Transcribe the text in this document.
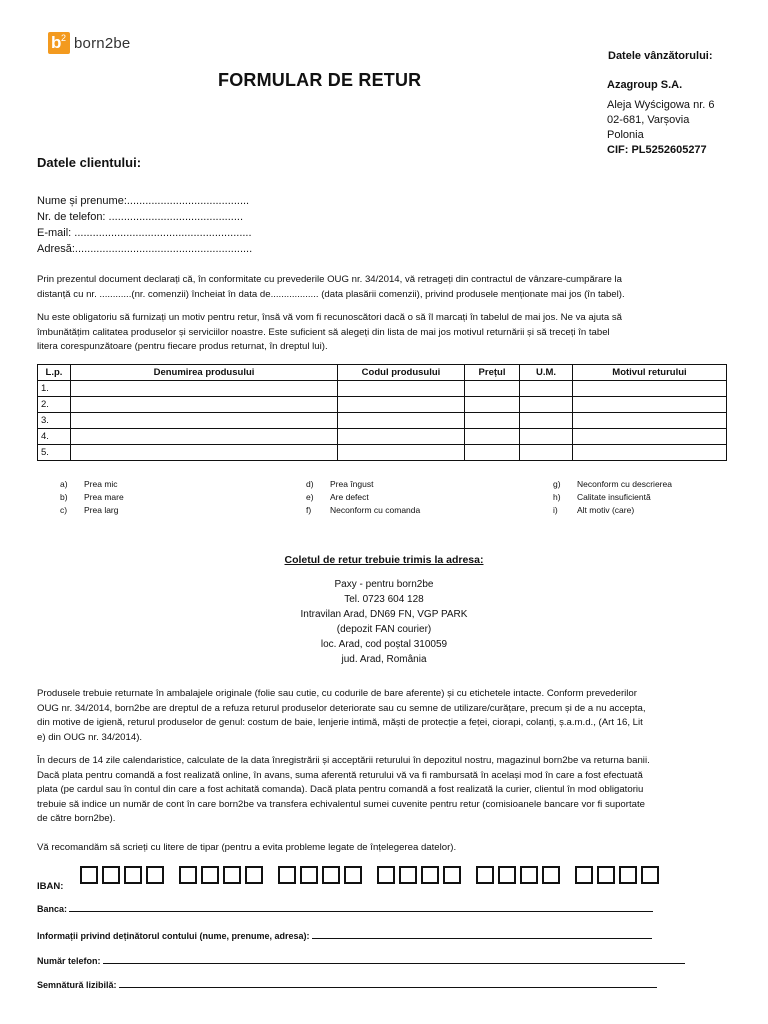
b 2 born2be
FORMULAR DE RETUR
Datele vânzătorului:
Azagroup S.A.
Aleja Wyścigowa nr. 6
02-681, Varșovia
Polonia
CIF: PL5252605277
Datele clientului:
Nume și prenume:........................................
Nr. de telefon: ............................................
E-mail: ..........................................................
Adresă:..........................................................
Prin prezentul document declarați că, în conformitate cu prevederile OUG nr. 34/2014, vă retrageți din contractul de vânzare-cumpărare la
distanță cu nr. ............(nr. comenzii) încheiat în data de.................. (data plasării comenzii), privind produsele menționate mai jos (în tabel).
Nu este obligatoriu să furnizați un motiv pentru retur, însă vă vom fi recunoscători dacă o să îl marcați în tabelul de mai jos. Ne va ajuta să
îmbunătățim calitatea produselor și serviciilor noastre. Este suficient să alegeți din lista de mai jos motivul returnării și să treceți în tabel
litera corespunzătoare (pentru fiecare produs returnat, în dreptul lui).
L.p.	Denumirea produsului	Codul produsului	Prețul	U.M.	Motivul returului
1.					
2.					
3.					
4.					
5.					
a)	Prea mic
b)	Prea mare
c)	Prea larg
d)	Prea îngust
e)	Are defect
f)	Neconform cu comanda
g)	Neconform cu descrierea
h)	Calitate insuficientă
i)	Alt motiv (care)
Coletul de retur trebuie trimis la adresa:
Paxy - pentru born2be
Tel. 0723 604 128
Intravilan Arad, DN69 FN, VGP PARK
(depozit FAN courier)
loc. Arad, cod poștal 310059
jud. Arad, România
Produsele trebuie returnate în ambalajele originale (folie sau cutie, cu codurile de bare aferente) și cu etichetele intacte. Conform prevederilor
OUG nr. 34/2014, born2be are dreptul de a refuza returul produselor deteriorate sau cu semne de utilizare/curățare, precum și de a nu accepta,
din motive de igienă, returul produselor de genul: costum de baie, lenjerie intimă, măști de protecție a feței, ciorapi, colanți, ș.a.m.d., (Art 16, Lit
e) din OUG nr. 34/2014).
În decurs de 14 zile calendaristice, calculate de la data înregistrării și acceptării returului în depozitul nostru, magazinul born2be va returna banii.
Dacă plata pentru comandă a fost realizată online, în avans, suma aferentă returului vă va fi rambursată în același mod în care a fost efectuată
plata (pe cardul sau în contul din care a fost achitată comanda). Dacă plata pentru comandă a fost realizată la curier, clientul în mod obligatoriu
trebuie să indice un număr de cont în care born2be va transfera echivalentul sumei cuvenite pentru retur (comisioanele bancare vor fi suportate
de către born2be).
Vă recomandăm să scrieți cu litere de tipar (pentru a evita probleme legate de înțelegerea datelor).
IBAN:
Banca:
Informații privind deținătorul contului (nume, prenume, adresa):
Număr telefon:
Semnătură lizibilă:
